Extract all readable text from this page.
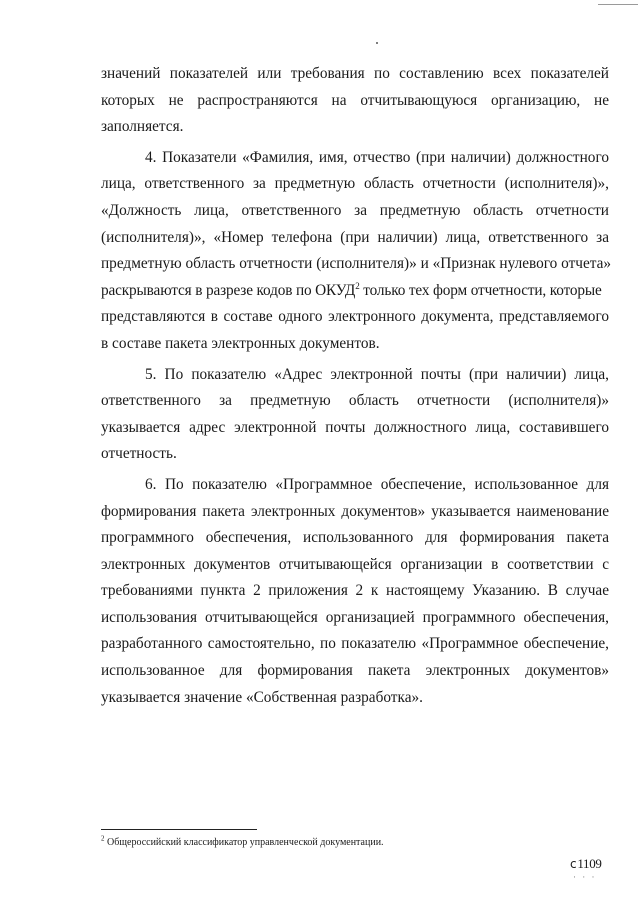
значений показателей или требования по составлению всех показателей
которых не распространяются на отчитывающуюся организацию, не
заполняется.
4. Показатели «Фамилия, имя, отчество (при наличии) должностного
лица, ответственного за предметную область отчетности (исполнителя)»,
«Должность лица, ответственного за предметную область отчетности
(исполнителя)», «Номер телефона (при наличии) лица, ответственного за
предметную область отчетности (исполнителя)» и «Признак нулевого отчета»
раскрываются в разрезе кодов по ОКУД$^2$ только тех форм отчетности, которые
представляются в составе одного электронного документа, представляемого
в составе пакета электронных документов.
5. По показателю «Адрес электронной почты (при наличии) лица,
ответственного за предметную область отчетности (исполнителя)»
указывается адрес электронной почты должностного лица, составившего
отчетность.
6. По показателю «Программное обеспечение, использованное для
формирования пакета электронных документов» указывается наименование
программного обеспечения, использованного для формирования пакета
электронных документов отчитывающейся организации в соответствии с
требованиями пункта 2 приложения 2 к настоящему Указанию. В случае
использования отчитывающейся организацией программного обеспечения,
разработанного самостоятельно, по показателю «Программное обеспечение,
использованное для формирования пакета электронных документов»
указывается значение «Собственная разработка».
$^2$ Общероссийский классификатор управленческой документации.
с1109
· · ·
